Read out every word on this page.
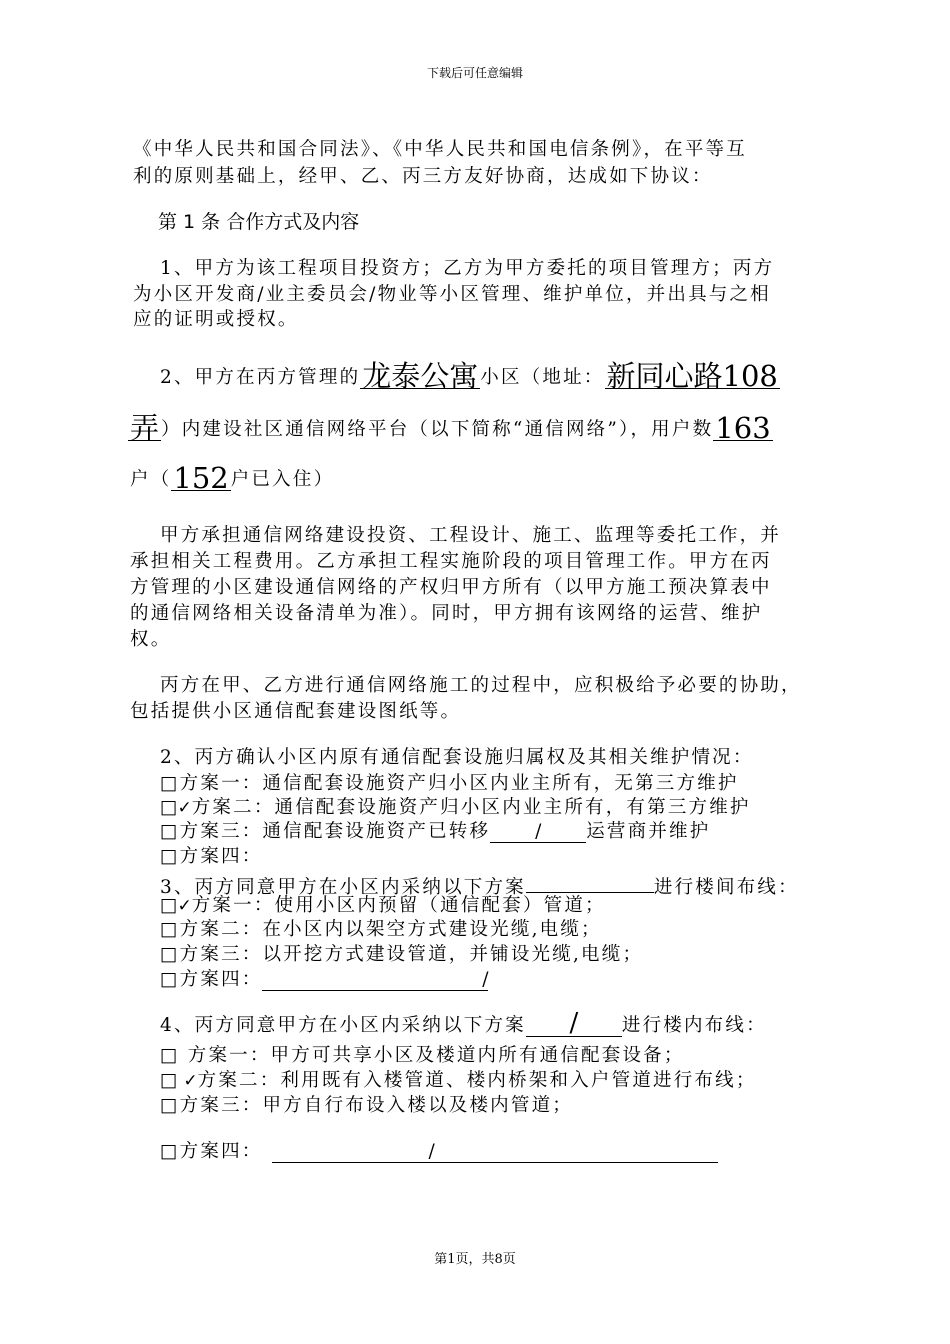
下载后可任意编辑
《中华人民共和国合同法》、《中华人民共和国电信条例》，在平等互
利的原则基础上，经甲、乙、丙三方友好协商，达成如下协议：
第 1 条 合作方式及内容
1、甲方为该工程项目投资方；乙方为甲方委托的项目管理方；丙方
为小区开发商/业主委员会/物业等小区管理、维护单位，并出具与之相
应的证明或授权。
2、甲方在丙方管理的龙泰公寓 小区（地址：新同心路108
弄 ）内建设社区通信网络平台（以下简称“通信网络”），用户数163
户（152 户已入住）
甲方承担通信网络建设投资、工程设计、施工、监理等委托工作，并
承担相关工程费用。乙方承担工程实施阶段的项目管理工作。甲方在丙
方管理的小区建设通信网络的产权归甲方所有（以甲方施工预决算表中
的通信网络相关设备清单为准）。同时，甲方拥有该网络的运营、维护
权。
丙方在甲、乙方进行通信网络施工的过程中，应积极给予必要的协助，
包括提供小区通信配套建设图纸等。
2、丙方确认小区内原有通信配套设施归属权及其相关维护情况：
□方案一：通信配套设施资产归小区内业主所有，无第三方维护
□✓方案二：通信配套设施资产归小区内业主所有，有第三方维护
□方案三：通信配套设施资产已转移 / 运营商并维护
□方案四：
3、丙方同意甲方在小区内采纳以下方案	进行楼间布线：
□✓方案一：使用小区内预留（通信配套）管道；
□方案二：在小区内以架空方式建设光缆,电缆；
□方案三：以开挖方式建设管道，并铺设光缆,电缆；
□方案四：	/
4、丙方同意甲方在小区内采纳以下方案 / 进行楼内布线：
□ 方案一：甲方可共享小区及楼道内所有通信配套设备；
□ ✓方案二：利用既有入楼管道、楼内桥架和入户管道进行布线；
□方案三：甲方自行布设入楼以及楼内管道；
□方案四：	/
第1页，共8页
